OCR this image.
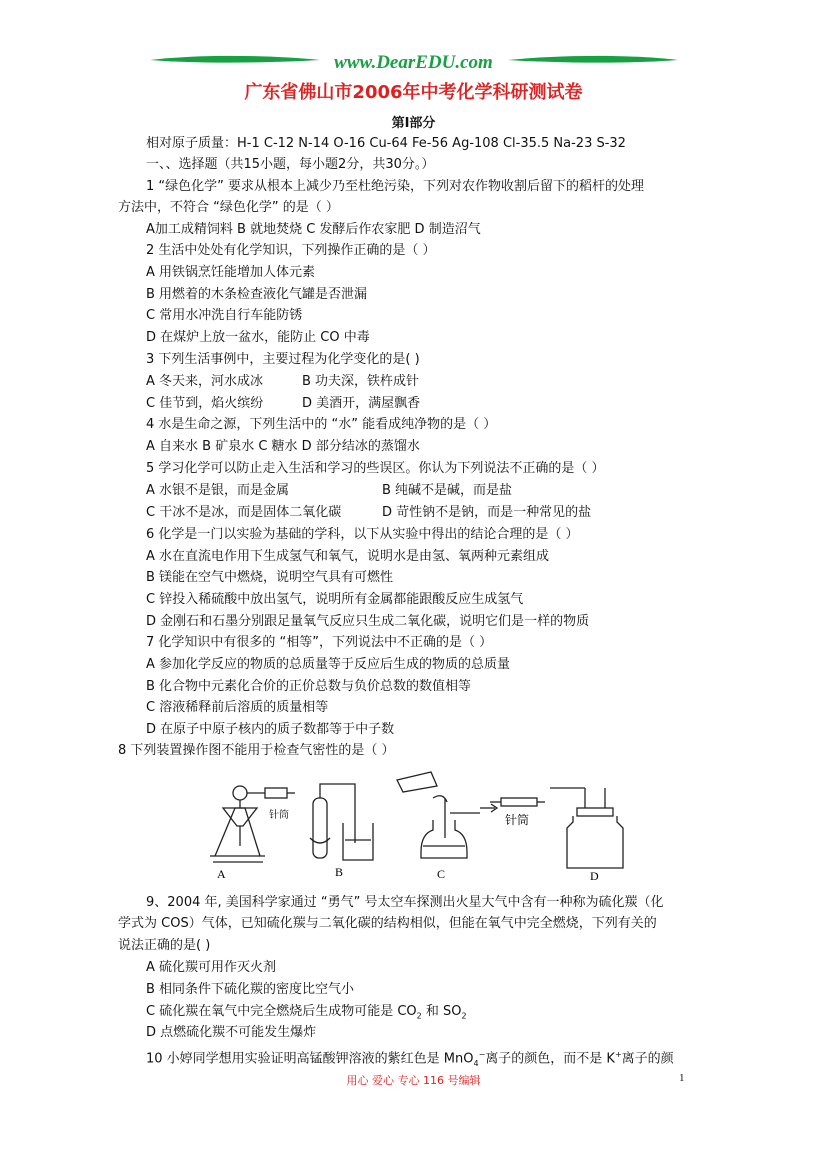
www.DearEDU.com
广东省佛山市2006年中考化学科研测试卷
第Ⅰ部分
相对原子质量：H-1 C-12 N-14 O-16 Cu-64 Fe-56 Ag-108 Cl-35.5 Na-23 S-32
一、、选择题（共15小题，每小题2分，共30分。）
1 “绿色化学” 要求从根本上减少乃至杜绝污染，下列对农作物收割后留下的稻杆的处理
方法中，不符合 “绿色化学” 的是（ ）
A加工成精饲料 B 就地焚烧 C 发酵后作农家肥 D 制造沼气
2 生活中处处有化学知识，下列操作正确的是（ ）
A 用铁锅烹饪能增加人体元素
B 用燃着的木条检查液化气罐是否泄漏
C 常用水冲洗自行车能防锈
D 在煤炉上放一盆水，能防止 CO 中毒
3 下列生活事例中，主要过程为化学变化的是( )
A 冬天来，河水成冰	B 功夫深，铁杵成针
C 佳节到，焰火缤纷	D 美酒开，满屋飘香
4 水是生命之源，下列生活中的 “水” 能看成纯净物的是（ ）
A 自来水 B 矿泉水 C 糖水 D 部分结冰的蒸馏水
5 学习化学可以防止走入生活和学习的些误区。你认为下列说法不正确的是（ ）
A 水银不是银，而是金属	B 纯碱不是碱，而是盐
C 干冰不是冰，而是固体二氧化碳	D 苛性钠不是钠，而是一种常见的盐
6 化学是一门以实验为基础的学科，以下从实验中得出的结论合理的是（ ）
A 水在直流电作用下生成氢气和氧气，说明水是由氢、氧两种元素组成
B 镁能在空气中燃烧，说明空气具有可燃性
C 锌投入稀硫酸中放出氢气，说明所有金属都能跟酸反应生成氢气
D 金刚石和石墨分别跟足量氧气反应只生成二氧化碳，说明它们是一样的物质
7 化学知识中有很多的 “相等”，下列说法中不正确的是（ ）
A 参加化学反应的物质的总质量等于反应后生成的物质的总质量
B 化合物中元素化合价的正价总数与负价总数的数值相等
C 溶液稀释前后溶质的质量相等
D 在原子中原子核内的质子数都等于中子数
8 下列装置操作图不能用于检查气密性的是（ ）
A	B	C	D
针筒	针筒
9、2004 年, 美国科学家通过 “勇气” 号太空车探测出火星大气中含有一种称为硫化羰（化
学式为 COS）气体，已知硫化羰与二氧化碳的结构相似，但能在氧气中完全燃烧，下列有关的
说法正确的是( )
A 硫化羰可用作灭火剂
B 相同条件下硫化羰的密度比空气小
C 硫化羰在氧气中完全燃烧后生成物可能是 $CO_2$ 和 $SO_2$
D 点燃硫化羰不可能发生爆炸
10 小婷同学想用实验证明高锰酸钾溶液的紫红色是 MnO$_4$−离子的颜色，而不是 K+离子的颜
用心 爱心 专心 116 号编辑	1
